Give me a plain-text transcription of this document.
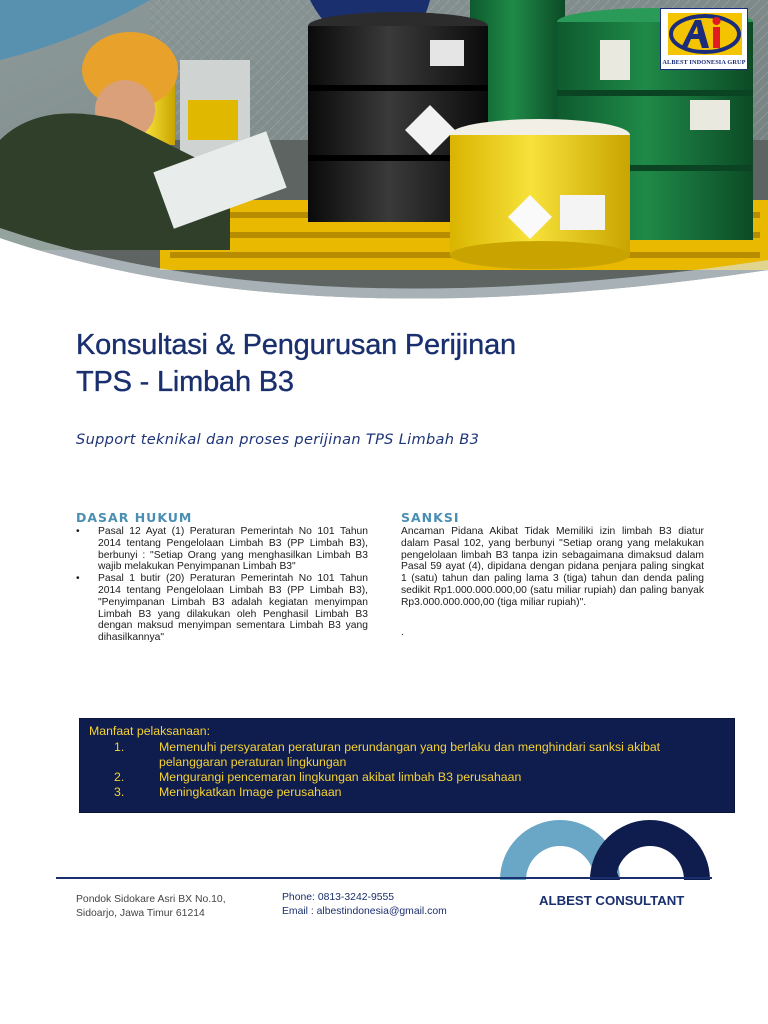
ALBEST INDONESIA GRUP
Konsultasi & Pengurusan Perijinan
TPS - Limbah B3

Support teknikal dan proses perijinan TPS Limbah B3

DASAR HUKUM
• Pasal 12 Ayat (1) Peraturan Pemerintah No 101 Tahun 2014 tentang Pengelolaan Limbah B3 (PP Limbah B3), berbunyi : "Setiap Orang yang menghasilkan Limbah B3 wajib melakukan Penyimpanan Limbah B3"
• Pasal 1 butir (20) Peraturan Pemerintah No 101 Tahun 2014 tentang Pengelolaan Limbah B3 (PP Limbah B3), "Penyimpanan Limbah B3 adalah kegiatan menyimpan Limbah B3 yang dilakukan oleh Penghasil Limbah B3 dengan maksud menyimpan sementara Limbah B3 yang dihasilkannya"
SANKSI

Ancaman Pidana Akibat Tidak Memiliki izin limbah B3 diatur dalam Pasal 102, yang berbunyi "Setiap orang yang melakukan pengelolaan limbah B3 tanpa izin sebagaimana dimaksud dalam Pasal 59 ayat (4), dipidana dengan pidana penjara paling singkat 1 (satu) tahun dan paling lama 3 (tiga) tahun dan denda paling sedikit Rp1.000.000.000,00 (satu miliar rupiah) dan paling banyak Rp3.000.000.000,00 (tiga miliar rupiah)".

.

Manfaat pelaksanaan:

1.	Memenuhi persyaratan peraturan perundangan yang berlaku dan menghindari sanksi akibat pelanggaran peraturan lingkungan
2.	Mengurangi pencemaran lingkungan akibat limbah B3 perusahaan
3.	Meningkatkan Image perusahaan

Pondok Sidokare Asri BX No.10,
Sidoarjo, Jawa Timur 61214

Phone: 0813-3242-9555
Email : albestindonesia@gmail.com

ALBEST CONSULTANT
